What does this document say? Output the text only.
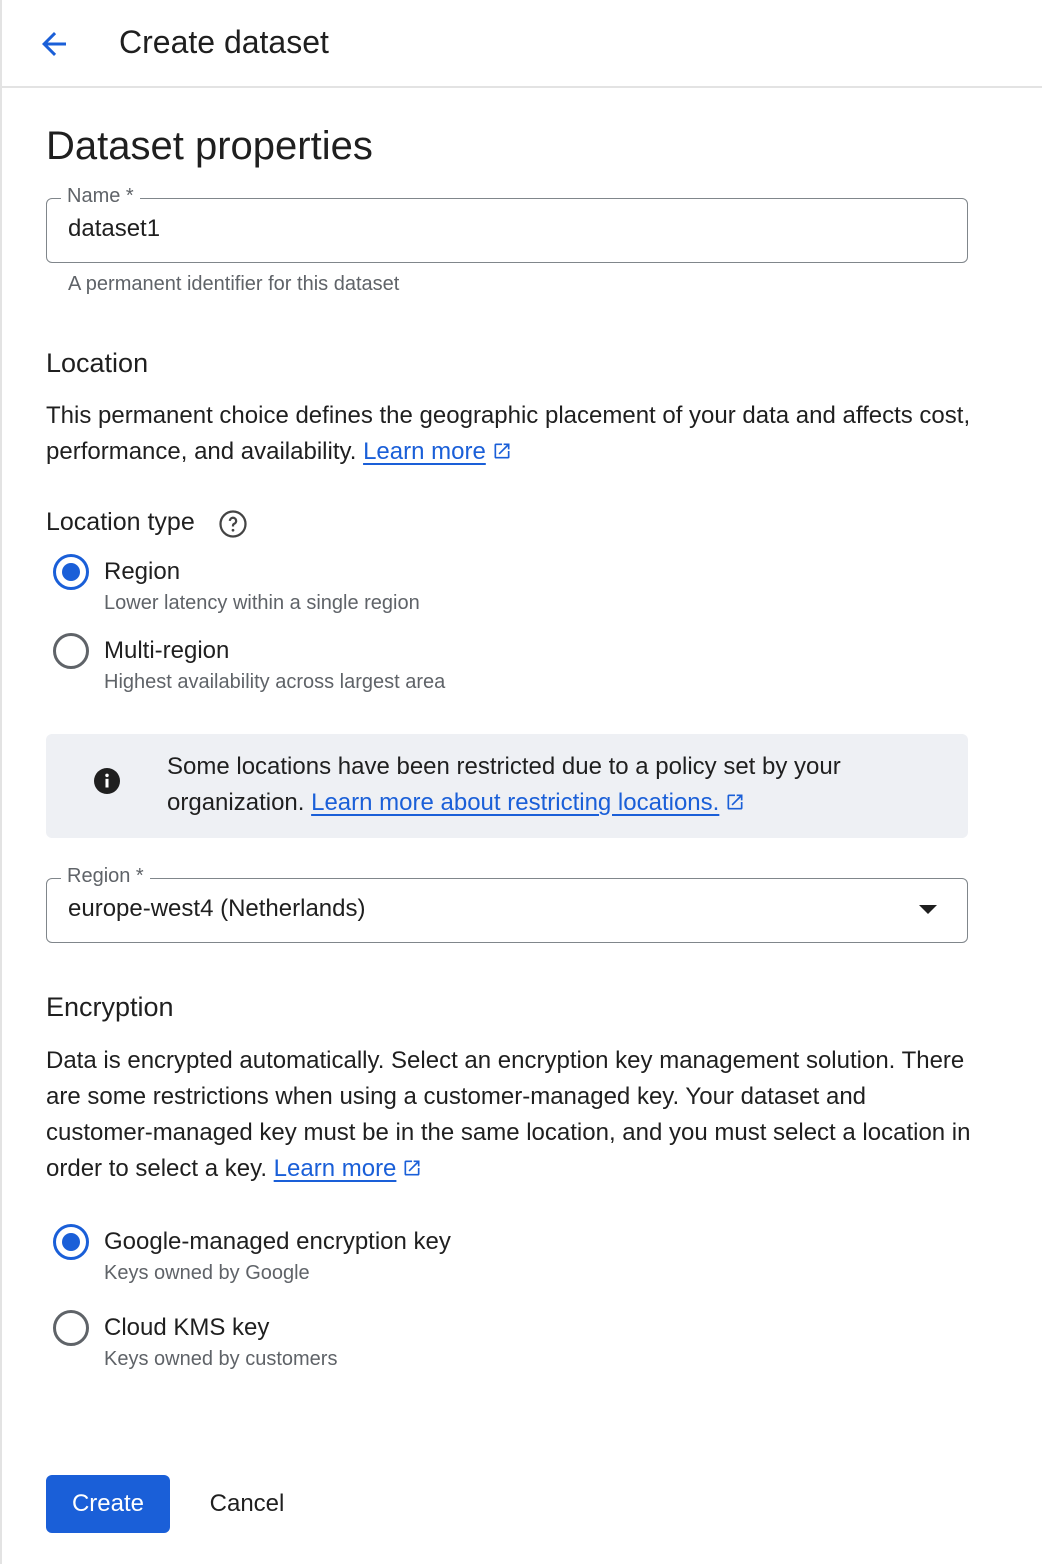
Create dataset
Dataset properties
Name *
dataset1
A permanent identifier for this dataset
Location
This permanent choice defines the geographic placement of your data and affects cost, performance, and availability. Learn more
Location type
Region
Lower latency within a single region
Multi-region
Highest availability across largest area
Some locations have been restricted due to a policy set by your organization. Learn more about restricting locations.
Region *
europe-west4 (Netherlands)
Encryption
Data is encrypted automatically. Select an encryption key management solution. There are some restrictions when using a customer-managed key. Your dataset and customer-managed key must be in the same location, and you must select a location in order to select a key. Learn more
Google-managed encryption key
Keys owned by Google
Cloud KMS key
Keys owned by customers
Create	Cancel
